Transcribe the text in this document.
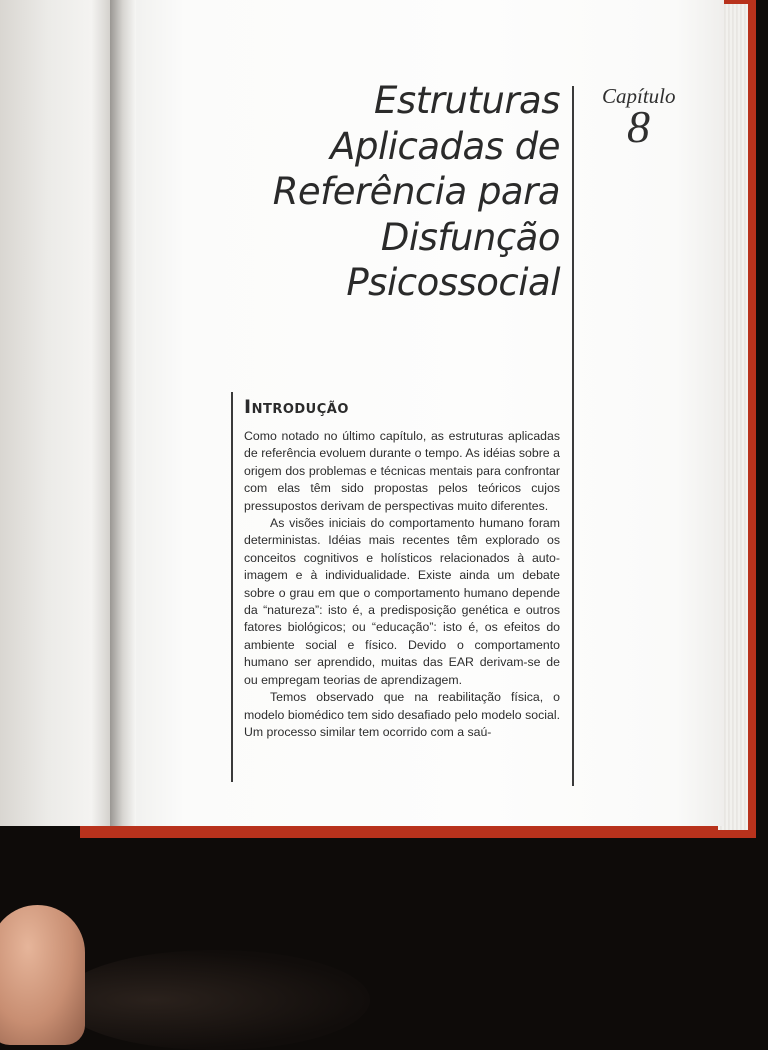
Estruturas
Aplicadas de
Referência para
Disfunção
Psicossocial
Capítulo
8
Introdução

Como notado no último capítulo, as estruturas aplicadas de referência evoluem durante o tempo. As idéias sobre a origem dos problemas e técnicas mentais para confrontar com elas têm sido propostas pelos teóricos cujos pressupostos derivam de perspectivas muito diferentes.

As visões iniciais do comportamento humano foram deterministas. Idéias mais recentes têm explorado os conceitos cognitivos e holísticos relacionados à auto-imagem e à individualidade. Existe ainda um debate sobre o grau em que o comportamento humano depende da “natureza”: isto é, a predisposição genética e outros fatores biológicos; ou “educação”: isto é, os efeitos do ambiente social e físico. Devido o comportamento humano ser aprendido, muitas das EAR derivam-se de ou empregam teorias de aprendizagem.

Temos observado que na reabilitação física, o modelo biomédico tem sido desafiado pelo modelo social. Um processo similar tem ocorrido com a saú-
